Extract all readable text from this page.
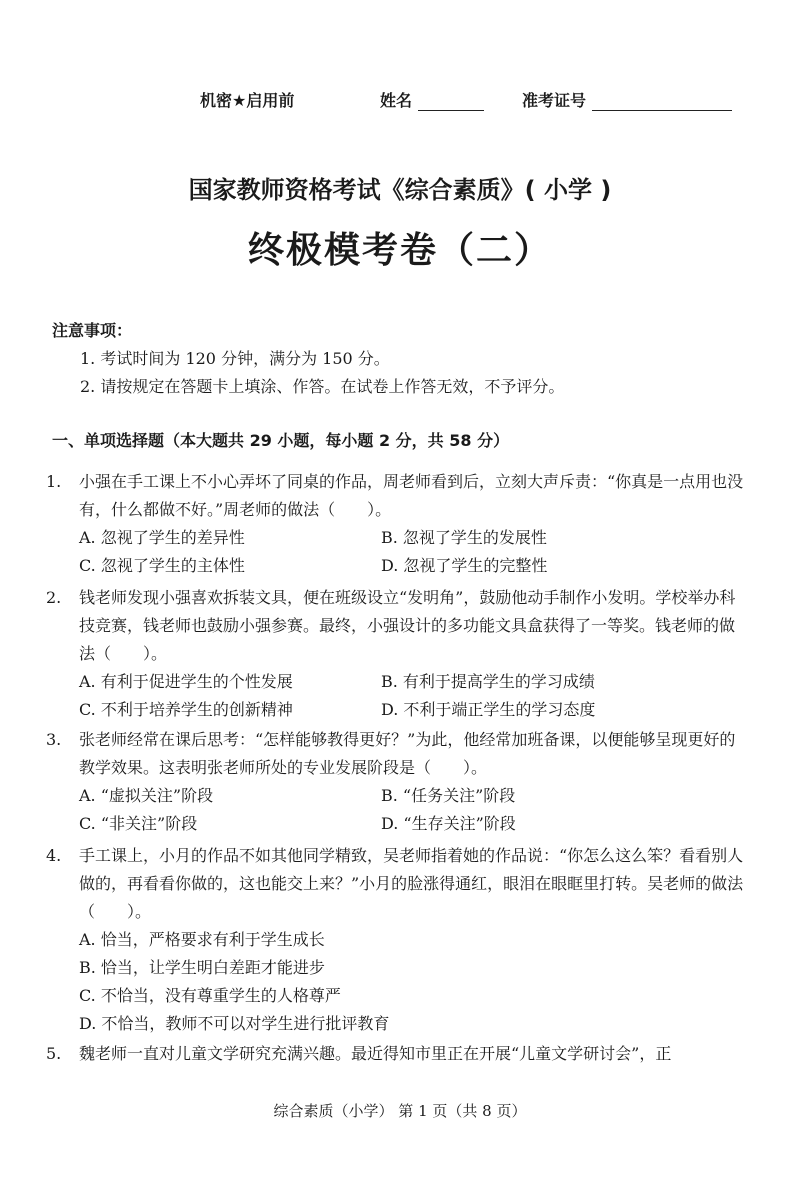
机密★启用前	姓名	准考证号
国家教师资格考试《综合素质》( 小学 )
终极模考卷（二）
注意事项：
1. 考试时间为 120 分钟，满分为 150 分。
2. 请按规定在答题卡上填涂、作答。在试卷上作答无效，不予评分。
一、单项选择题（本大题共 29 小题，每小题 2 分，共 58 分）
1.	小强在手工课上不小心弄坏了同桌的作品，周老师看到后，立刻大声斥责：“你真是一点用也没有，什么都做不好。”周老师的做法（　　）。
A. 忽视了学生的差异性	B. 忽视了学生的发展性
C. 忽视了学生的主体性	D. 忽视了学生的完整性
2.	钱老师发现小强喜欢拆装文具，便在班级设立“发明角”，鼓励他动手制作小发明。学校举办科技竞赛，钱老师也鼓励小强参赛。最终，小强设计的多功能文具盒获得了一等奖。钱老师的做法（　　）。
A. 有利于促进学生的个性发展	B. 有利于提高学生的学习成绩
C. 不利于培养学生的创新精神	D. 不利于端正学生的学习态度
3.	张老师经常在课后思考：“怎样能够教得更好？”为此，他经常加班备课，以便能够呈现更好的教学效果。这表明张老师所处的专业发展阶段是（　　）。
A. “虚拟关注”阶段	B. “任务关注”阶段
C. “非关注”阶段	D. “生存关注”阶段
4.	手工课上，小月的作品不如其他同学精致，吴老师指着她的作品说：“你怎么这么笨？看看别人做的，再看看你做的，这也能交上来？”小月的脸涨得通红，眼泪在眼眶里打转。吴老师的做法（　　）。
A. 恰当，严格要求有利于学生成长
B. 恰当，让学生明白差距才能进步
C. 不恰当，没有尊重学生的人格尊严
D. 不恰当，教师不可以对学生进行批评教育
5.	魏老师一直对儿童文学研究充满兴趣。最近得知市里正在开展“儿童文学研讨会”，正
综合素质（小学） 第 1 页（共 8 页）
